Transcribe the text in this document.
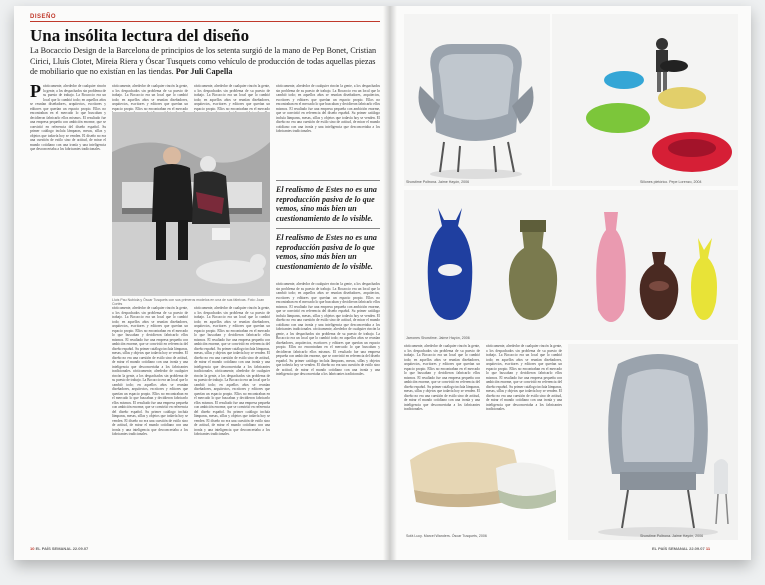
DISEÑO
Una insólita lectura del diseño
La Bocaccio Design de la Barcelona de principios de los setenta surgió de la mano de Pep Bonet, Cristian Cirici, Lluís Clotet, Mireia Riera y Óscar Tusquets como vehículo de producción de todas aquellas piezas de mobiliario que no existían en las tiendas. Por Juli Capella
P rácticamente, alrededor de cualquier rincón la gente, a los despachados sin problema de su puesto de trabajo. La Bocaccio era un local que lo cambió todo; en aquellos años se reunían diseñadores, arquitectos, escritores y editores que querían un espacio propio. Ellos no encontraban en el mercado lo que buscaban y decidieron fabricarlo ellos mismos. El resultado fue una empresa pequeña con ambición enorme, que se convirtió en referencia del diseño español. Su primer catálogo incluía lámparas, mesas, sillas y objetos que todavía hoy se venden. El diseño no era una cuestión de estilo sino de actitud, de mirar el mundo cotidiano con una ironía y una inteligencia que desconcertaba a los fabricantes tradicionales.
rácticamente, alrededor de cualquier rincón la gente, a los despachados sin problema de su puesto de trabajo. La Bocaccio era un local que lo cambió todo; en aquellos años se reunían diseñadores, arquitectos, escritores y editores que querían un espacio propio. Ellos no encontraban en el mercado
rácticamente, alrededor de cualquier rincón la gente, a los despachados sin problema de su puesto de trabajo. La Bocaccio era un local que lo cambió todo; en aquellos años se reunían diseñadores, arquitectos, escritores y editores que querían un espacio propio. Ellos no encontraban en el mercado
Lluís Pau Nubiola y Óscar Tusquets con sus primeros modelos en una de sus fábricas. Foto: Joan Cortés
rácticamente, alrededor de cualquier rincón la gente, a los despachados sin problema de su puesto de trabajo. La Bocaccio era un local que lo cambió todo; en aquellos años se reunían diseñadores, arquitectos, escritores y editores que querían un espacio propio. Ellos no encontraban en el mercado lo que buscaban y decidieron fabricarlo ellos mismos. El resultado fue una empresa pequeña con ambición enorme, que se convirtió en referencia del diseño español. Su primer catálogo incluía lámparas, mesas, sillas y objetos que todavía hoy se venden. El diseño no era una cuestión de estilo sino de actitud, de mirar el mundo cotidiano con una ironía y una inteligencia que desconcertaba a los fabricantes tradicionales. rácticamente, alrededor de cualquier rincón la gente, a los despachados sin problema de su puesto de trabajo. La Bocaccio era un local que lo cambió todo; en aquellos años se reunían diseñadores, arquitectos, escritores y editores que querían un espacio propio. Ellos no encontraban en el mercado lo que buscaban y decidieron fabricarlo ellos mismos. El resultado fue una empresa pequeña con ambición enorme, que se convirtió en referencia del diseño español. Su primer catálogo incluía lámparas, mesas, sillas y objetos que todavía hoy se venden. El diseño no era una cuestión de estilo sino de actitud, de mirar el mundo cotidiano con una ironía y una inteligencia que desconcertaba a los fabricantes tradicionales.
rácticamente, alrededor de cualquier rincón la gente, a los despachados sin problema de su puesto de trabajo. La Bocaccio era un local que lo cambió todo; en aquellos años se reunían diseñadores, arquitectos, escritores y editores que querían un espacio propio. Ellos no encontraban en el mercado lo que buscaban y decidieron fabricarlo ellos mismos. El resultado fue una empresa pequeña con ambición enorme, que se convirtió en referencia del diseño español. Su primer catálogo incluía lámparas, mesas, sillas y objetos que todavía hoy se venden. El diseño no era una cuestión de estilo sino de actitud, de mirar el mundo cotidiano con una ironía y una inteligencia que desconcertaba a los fabricantes tradicionales. rácticamente, alrededor de cualquier rincón la gente, a los despachados sin problema de su puesto de trabajo. La Bocaccio era un local que lo cambió todo; en aquellos años se reunían diseñadores, arquitectos, escritores y editores que querían un espacio propio. Ellos no encontraban en el mercado lo que buscaban y decidieron fabricarlo ellos mismos. El resultado fue una empresa pequeña con ambición enorme, que se convirtió en referencia del diseño español. Su primer catálogo incluía lámparas, mesas, sillas y objetos que todavía hoy se venden. El diseño no era una cuestión de estilo sino de actitud, de mirar el mundo cotidiano con una ironía y una inteligencia que desconcertaba a los fabricantes tradicionales.
rácticamente, alrededor de cualquier rincón la gente, a los despachados sin problema de su puesto de trabajo. La Bocaccio era un local que lo cambió todo; en aquellos años se reunían diseñadores, arquitectos, escritores y editores que querían un espacio propio. Ellos no encontraban en el mercado lo que buscaban y decidieron fabricarlo ellos mismos. El resultado fue una empresa pequeña con ambición enorme, que se convirtió en referencia del diseño español. Su primer catálogo incluía lámparas, mesas, sillas y objetos que todavía hoy se venden. El diseño no era una cuestión de estilo sino de actitud, de mirar el mundo cotidiano con una ironía y una inteligencia que desconcertaba a los fabricantes tradicionales.
El realismo de Estes no es una reproducción pasiva de lo que vemos, sino más bien un cuestionamiento de lo visible.
El realismo de Estes no es una reproducción pasiva de lo que vemos, sino más bien un cuestionamiento de lo visible.
rácticamente, alrededor de cualquier rincón la gente, a los despachados sin problema de su puesto de trabajo. La Bocaccio era un local que lo cambió todo; en aquellos años se reunían diseñadores, arquitectos, escritores y editores que querían un espacio propio. Ellos no encontraban en el mercado lo que buscaban y decidieron fabricarlo ellos mismos. El resultado fue una empresa pequeña con ambición enorme, que se convirtió en referencia del diseño español. Su primer catálogo incluía lámparas, mesas, sillas y objetos que todavía hoy se venden. El diseño no era una cuestión de estilo sino de actitud, de mirar el mundo cotidiano con una ironía y una inteligencia que desconcertaba a los fabricantes tradicionales. rácticamente, alrededor de cualquier rincón la gente, a los despachados sin problema de su puesto de trabajo. La Bocaccio era un local que lo cambió todo; en aquellos años se reunían diseñadores, arquitectos, escritores y editores que querían un espacio propio. Ellos no encontraban en el mercado lo que buscaban y decidieron fabricarlo ellos mismos. El resultado fue una empresa pequeña con ambición enorme, que se convirtió en referencia del diseño español. Su primer catálogo incluía lámparas, mesas, sillas y objetos que todavía hoy se venden. El diseño no era una cuestión de estilo sino de actitud, de mirar el mundo cotidiano con una ironía y una inteligencia que desconcertaba a los fabricantes tradicionales.
10 EL PAÍS SEMANAL 22.09.07
Showtime Poltrona. Jaime Hayón, 2006	Sillones pletórico. Pepe Lorenzo, 2004
Jarrones Showtime. Jaime Hayón, 2006
rácticamente, alrededor de cualquier rincón la gente, a los despachados sin problema de su puesto de trabajo. La Bocaccio era un local que lo cambió todo; en aquellos años se reunían diseñadores, arquitectos, escritores y editores que querían un espacio propio. Ellos no encontraban en el mercado lo que buscaban y decidieron fabricarlo ellos mismos. El resultado fue una empresa pequeña con ambición enorme, que se convirtió en referencia del diseño español. Su primer catálogo incluía lámparas, mesas, sillas y objetos que todavía hoy se venden. El diseño no era una cuestión de estilo sino de actitud, de mirar el mundo cotidiano con una ironía y una inteligencia que desconcertaba a los fabricantes tradicionales.
rácticamente, alrededor de cualquier rincón la gente, a los despachados sin problema de su puesto de trabajo. La Bocaccio era un local que lo cambió todo; en aquellos años se reunían diseñadores, arquitectos, escritores y editores que querían un espacio propio. Ellos no encontraban en el mercado lo que buscaban y decidieron fabricarlo ellos mismos. El resultado fue una empresa pequeña con ambición enorme, que se convirtió en referencia del diseño español. Su primer catálogo incluía lámparas, mesas, sillas y objetos que todavía hoy se venden. El diseño no era una cuestión de estilo sino de actitud, de mirar el mundo cotidiano con una ironía y una inteligencia que desconcertaba a los fabricantes tradicionales.
Sofá Lucy. Marcel Wanders. Óscar Tusquets, 2006	Showtime Poltrona. Jaime Hayón, 2006
EL PAÍS SEMANAL 22.09.07 11
